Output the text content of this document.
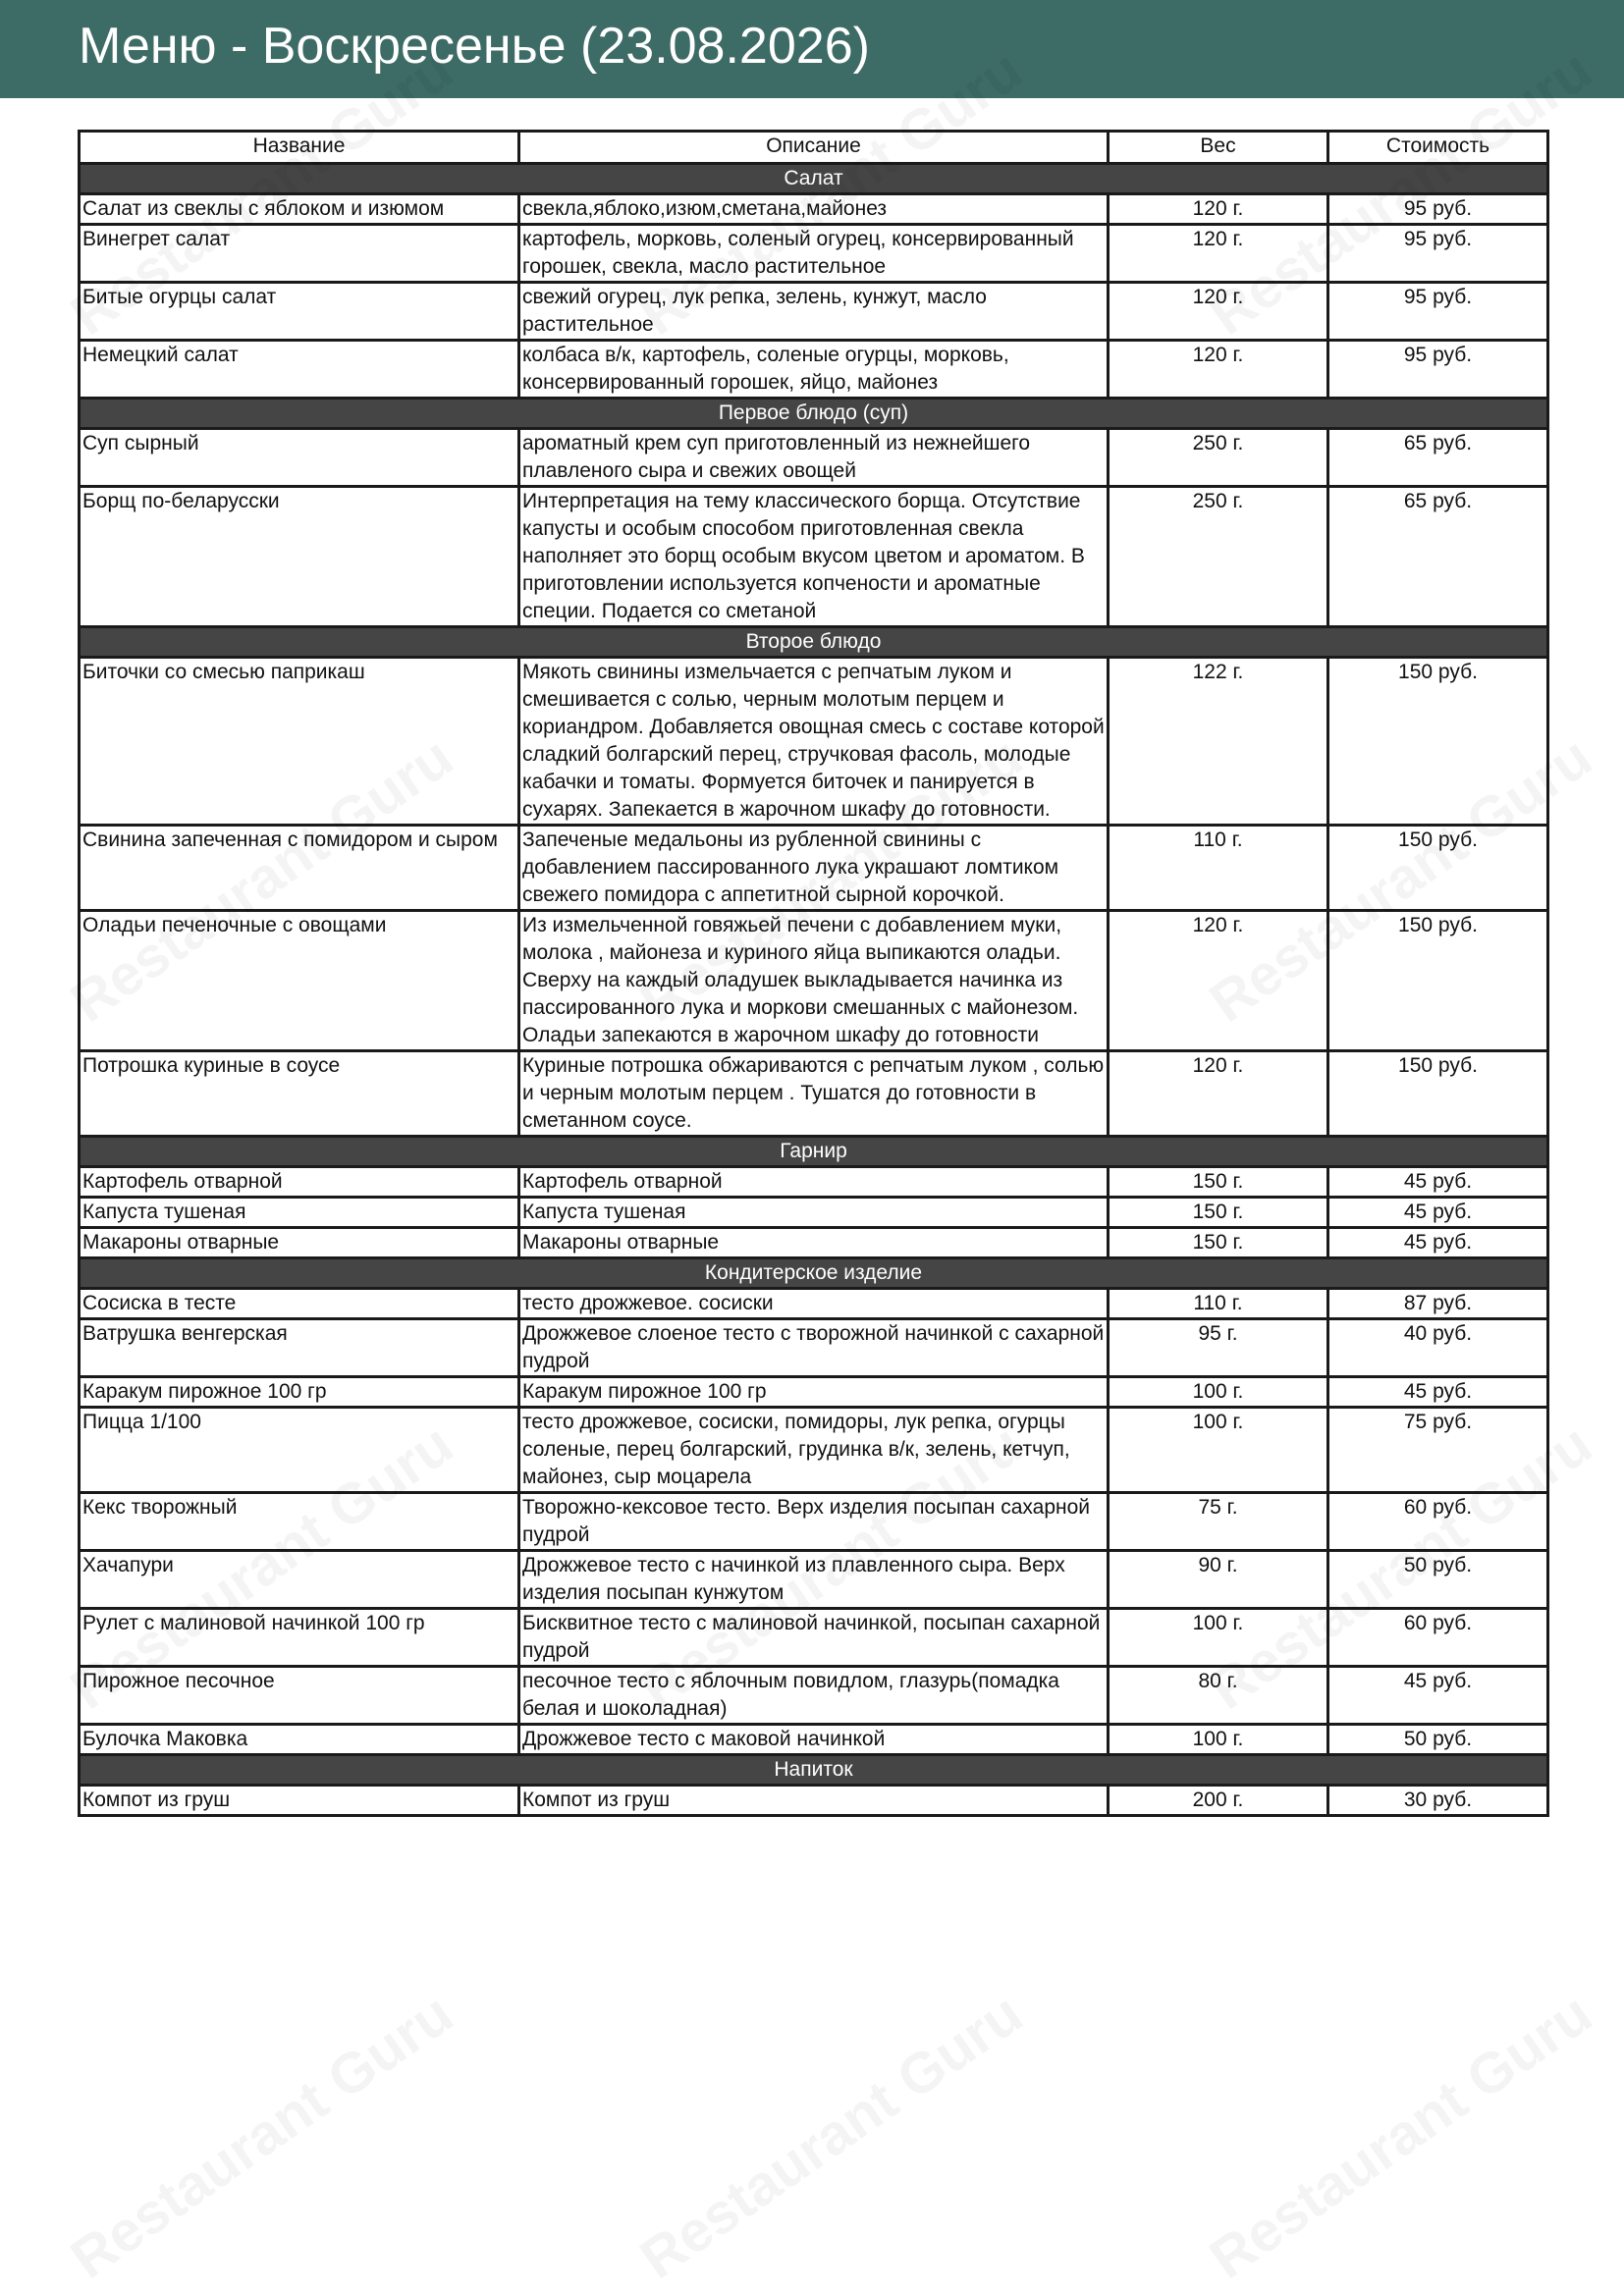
Меню - Воскресенье (23.08.2026)
Название	Описание	Вес	Стоимость
Салат			
Салат из свеклы с яблоком и изюмом	свекла,яблоко,изюм,сметана,майонез	120 г.	95 руб.
Винегрет салат	картофель, морковь, соленый огурец, консервированный горошек, свекла, масло растительное	120 г.	95 руб.
Битые огурцы салат	свежий огурец, лук репка, зелень, кунжут, масло растительное	120 г.	95 руб.
Немецкий салат	колбаса в/к, картофель, соленые огурцы, морковь, консервированный горошек, яйцо, майонез	120 г.	95 руб.
Первое блюдо (суп)			
Суп сырный	ароматный крем суп приготовленный из нежнейшего плавленого сыра и свежих овощей	250 г.	65 руб.
Борщ по-беларусски	Интерпретация на тему классического борща. Отсутствие капусты и особым способом приготовленная свекла наполняет это борщ особым вкусом цветом и ароматом. В приготовлении используется копчености и ароматные специи. Подается со сметаной	250 г.	65 руб.
Второе блюдо			
Биточки со смесью паприкаш	Мякоть свинины измельчается с репчатым луком и смешивается с солью, черным молотым перцем и кориандром. Добавляется овощная смесь с составе которой сладкий болгарский перец, стручковая фасоль, молодые кабачки и томаты. Формуется биточек и панируется в сухарях. Запекается в жарочном шкафу до готовности.	122 г.	150 руб.
Свинина запеченная с помидором и сыром	Запеченые медальоны из рубленной свинины с добавлением пассированного лука украшают ломтиком свежего помидора с аппетитной сырной корочкой.	110 г.	150 руб.
Оладьи печеночные с овощами	Из измельченной говяжьей печени с добавлением муки, молока , майонеза и куриного яйца выпикаются оладьи. Сверху на каждый оладушек выкладывается начинка из пассированного лука и моркови смешанных с майонезом. Оладьи запекаются в жарочном шкафу до готовности	120 г.	150 руб.
Потрошка куриные в соусе	Куриные потрошка обжариваются с репчатым луком , солью и черным молотым перцем . Тушатся до готовности в сметанном соусе.	120 г.	150 руб.
Гарнир			
Картофель отварной	Картофель отварной	150 г.	45 руб.
Капуста тушеная	Капуста тушеная	150 г.	45 руб.
Макароны отварные	Макароны отварные	150 г.	45 руб.
Кондитерское изделие			
Сосиска в тесте	тесто дрожжевое. сосиски	110 г.	87 руб.
Ватрушка венгерская	Дрожжевое слоеное тесто с творожной начинкой с сахарной пудрой	95 г.	40 руб.
Каракум пирожное 100 гр	Каракум пирожное 100 гр	100 г.	45 руб.
Пицца 1/100	тесто дрожжевое, сосиски, помидоры, лук репка, огурцы соленые, перец болгарский, грудинка в/к, зелень, кетчуп, майонез, сыр моцарела	100 г.	75 руб.
Кекс творожный	Творожно-кексовое тесто. Верх изделия посыпан сахарной пудрой	75 г.	60 руб.
Хачапури	Дрожжевое тесто с начинкой из плавленного сыра. Верх изделия посыпан кунжутом	90 г.	50 руб.
Рулет с малиновой начинкой 100 гр	Бисквитное тесто с малиновой начинкой, посыпан сахарной пудрой	100 г.	60 руб.
Пирожное песочное	песочное тесто с яблочным повидлом, глазурь(помадка белая и шоколадная)	80 г.	45 руб.
Булочка Маковка	Дрожжевое тесто с маковой начинкой	100 г.	50 руб.
Напиток			
Компот из груш	Компот из груш	200 г.	30 руб.
